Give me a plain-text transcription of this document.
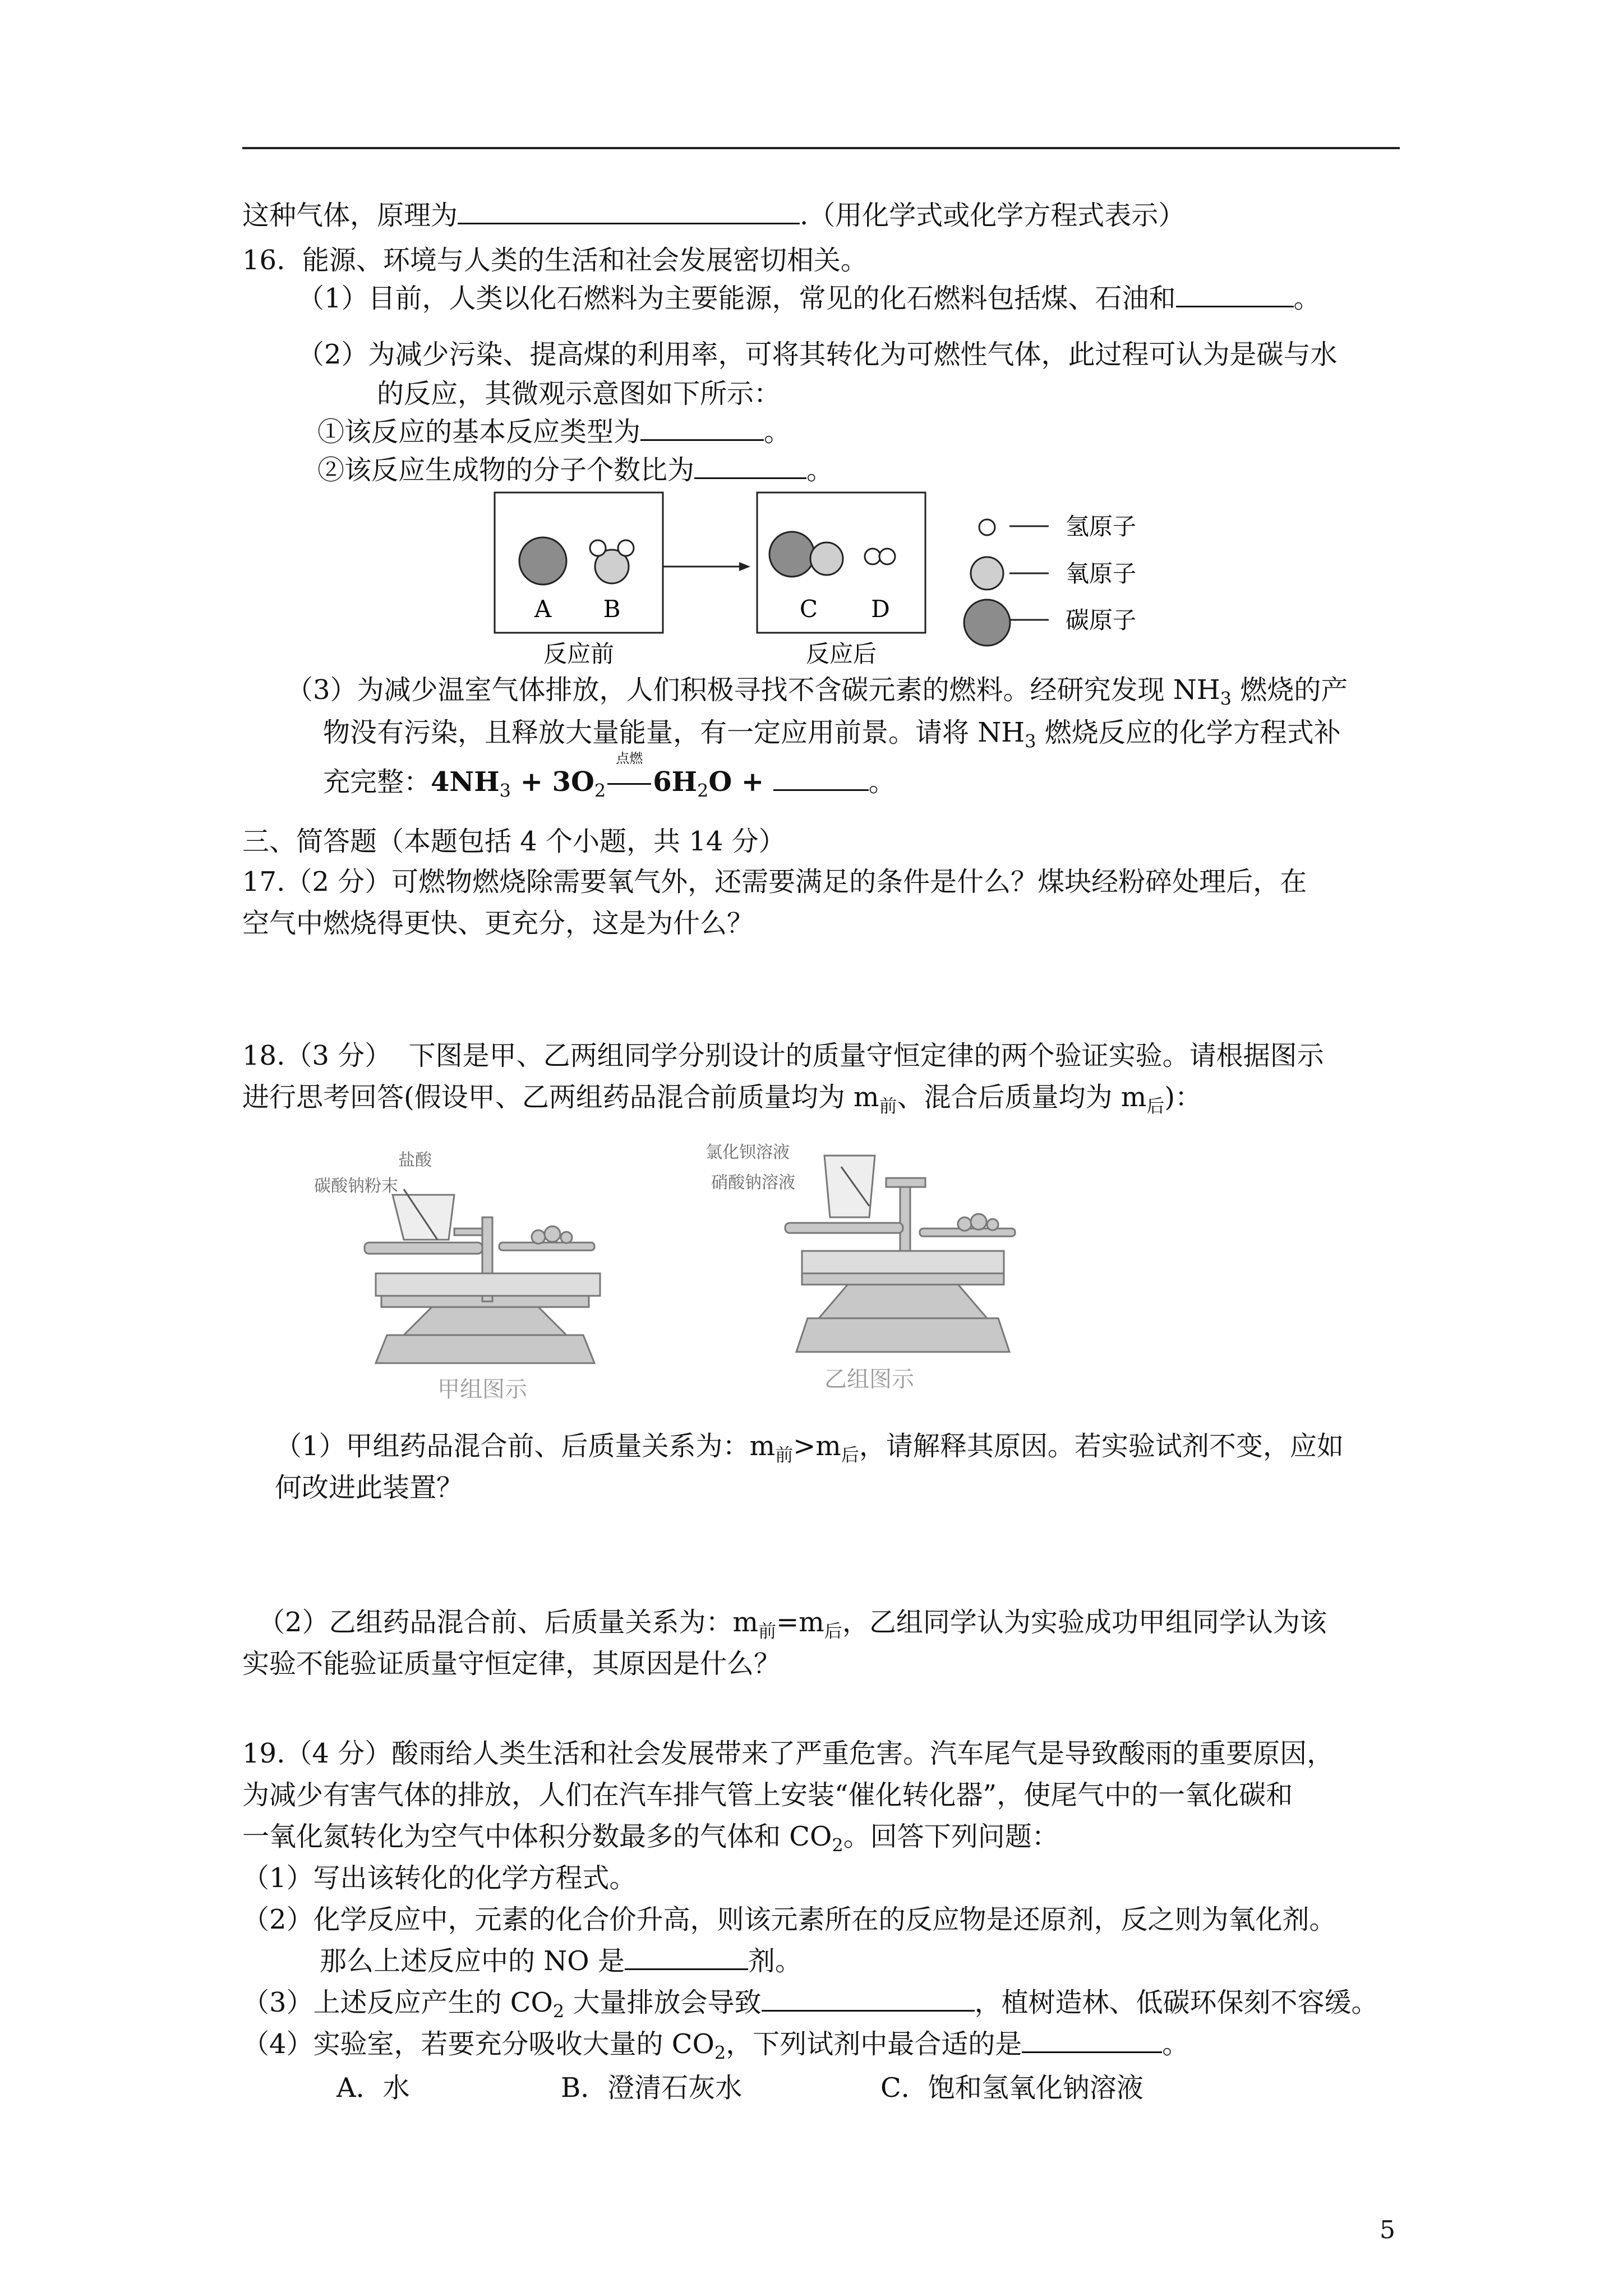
这种气体，原理为	.（用化学式或化学方程式表示）
16.  能源、环境与人类的生活和社会发展密切相关。
（1）目前，人类以化石燃料为主要能源，常见的化石燃料包括煤、石油和	。
（2）为减少污染、提高煤的利用率，可将其转化为可燃性气体，此过程可认为是碳与水
的反应，其微观示意图如下所示：
①该反应的基本反应类型为	。
②该反应生成物的分子个数比为	。
A B
反应前
C D
反应后
氢原子
氧原子
碳原子
（3）为减少温室气体排放，人们积极寻找不含碳元素的燃料。经研究发现 $NH_3$ 燃烧的产
物没有污染，且释放大量能量，有一定应用前景。请将 $NH_3$ 燃烧反应的化学方程式补
充完整：$4NH_3 + 3O_2$
点燃
$6H_2O$ +	。
三、简答题（本题包括 4 个小题，共 14 分）
17.（2 分）可燃物燃烧除需要氧气外，还需要满足的条件是什么？煤块经粉碎处理后，在
空气中燃烧得更快、更充分，这是为什么？
18.（3 分）  下图是甲、乙两组同学分别设计的质量守恒定律的两个验证实验。请根据图示
进行思考回答(假设甲、乙两组药品混合前质量均为 $m_前$、混合后质量均为 $m_后$)：
盐酸
碳酸钠粉末
甲组图示
氯化钡溶液
硝酸钠溶液
乙组图示
（1）甲组药品混合前、后质量关系为：$m_前>m_后$，请解释其原因。若实验试剂不变，应如
何改进此装置？
（2）乙组药品混合前、后质量关系为：$m_前=m_后$，乙组同学认为实验成功甲组同学认为该
实验不能验证质量守恒定律，其原因是什么？
19.（4 分）酸雨给人类生活和社会发展带来了严重危害。汽车尾气是导致酸雨的重要原因，
为减少有害气体的排放，人们在汽车排气管上安装“催化转化器”，使尾气中的一氧化碳和
一氧化氮转化为空气中体积分数最多的气体和 $CO_2$。回答下列问题：
（1）写出该转化的化学方程式。
（2）化学反应中，元素的化合价升高，则该元素所在的反应物是还原剂，反之则为氧化剂。
那么上述反应中的 NO 是	剂。
（3）上述反应产生的 $CO_2$ 大量排放会导致	，植树造林、低碳环保刻不容缓。
（4）实验室，若要充分吸收大量的 $CO_2$，下列试剂中最合适的是	。
A．水	B．澄清石灰水	C．饱和氢氧化钠溶液
5
